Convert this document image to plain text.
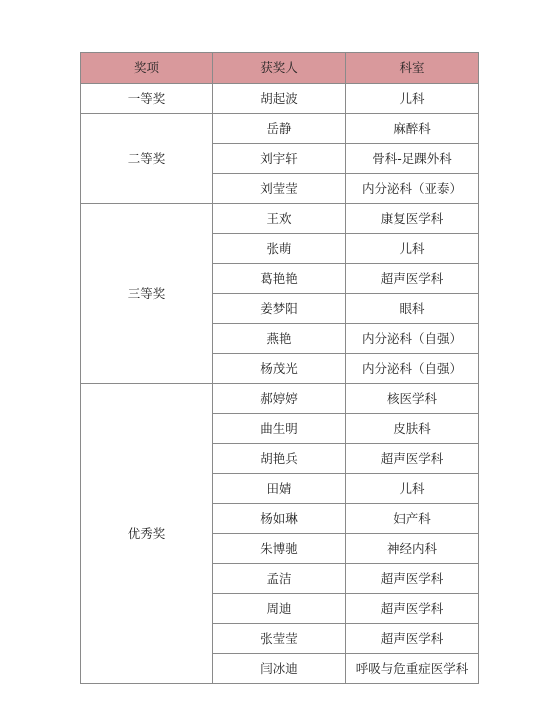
奖项	获奖人	科室
一等奖	胡起波	儿科
二等奖	岳静	麻醉科
	刘宇轩	骨科-足踝外科
	刘莹莹	内分泌科（亚泰）
三等奖	王欢	康复医学科
	张萌	儿科
	葛艳艳	超声医学科
	姜梦阳	眼科
	燕艳	内分泌科（自强）
	杨茂光	内分泌科（自强）
优秀奖	郝婷婷	核医学科
	曲生明	皮肤科
	胡艳兵	超声医学科
	田婧	儿科
	杨如琳	妇产科
	朱博驰	神经内科
	孟洁	超声医学科
	周迪	超声医学科
	张莹莹	超声医学科
	闫冰迪	呼吸与危重症医学科
